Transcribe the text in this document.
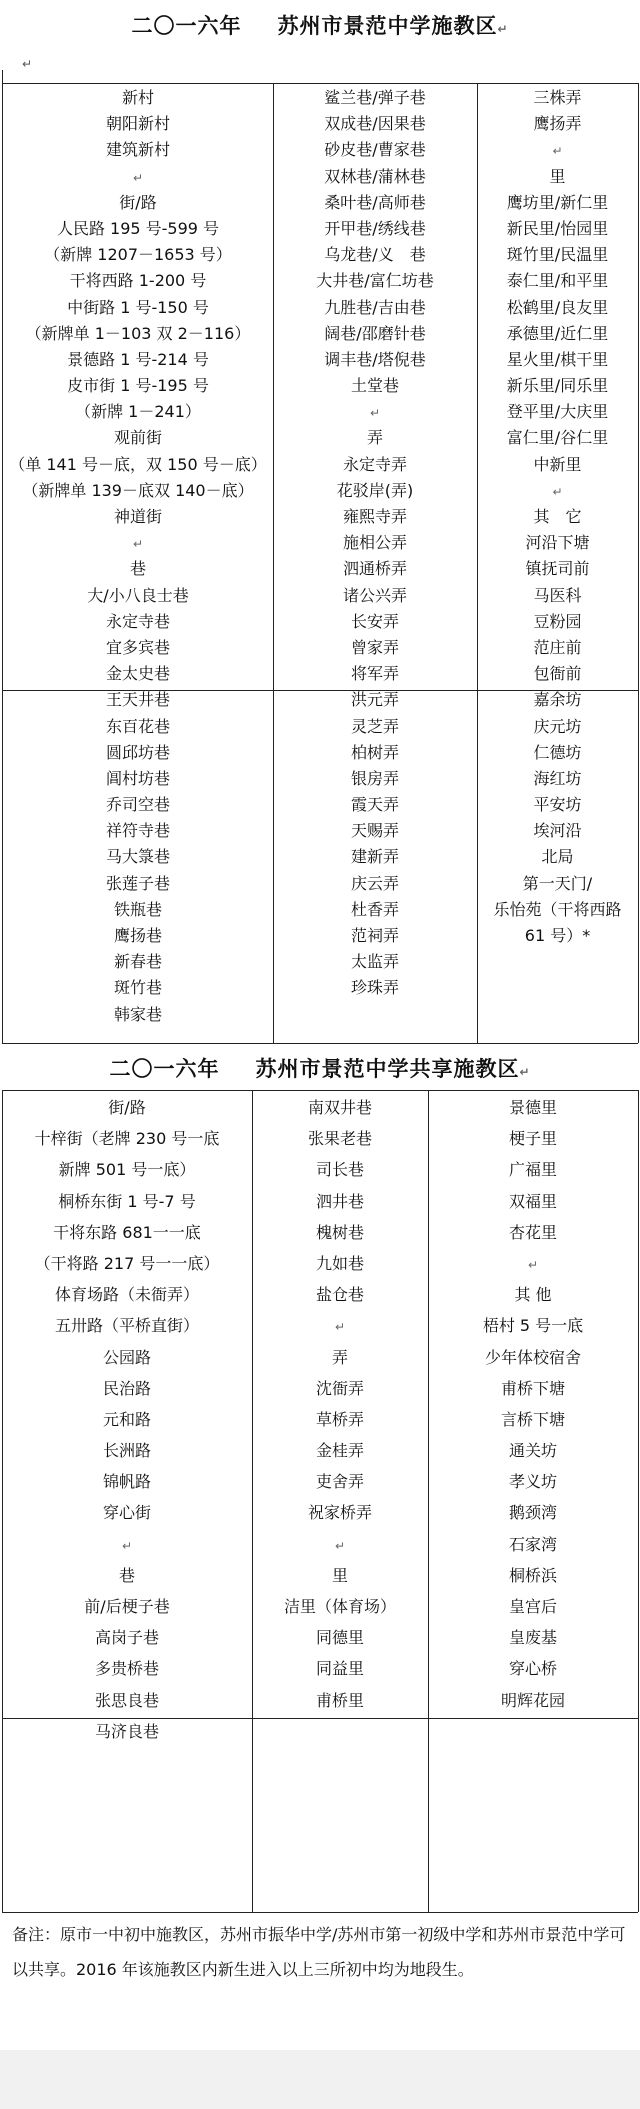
二〇一六年 苏州市景范中学施教区↵
↵
新村
朝阳新村
建筑新村
↵
街/路
人民路 195 号-599 号
（新牌 1207－1653 号）
干将西路 1-200 号
中街路 1 号-150 号
（新牌单 1－103 双 2－116）
景德路 1 号-214 号
皮市街 1 号-195 号
（新牌 1－241）
观前街
（单 141 号－底，双 150 号－底）
（新牌单 139－底双 140－底）
神道街
↵
巷
大/小八良士巷
永定寺巷
宜多宾巷
金太史巷
王天井巷
东百花巷
圆邱坊巷
阊村坊巷
乔司空巷
祥符寺巷
马大箓巷
张莲子巷
铁瓶巷
鹰扬巷
新春巷
斑竹巷
韩家巷
鲨兰巷/弹子巷
双成巷/因果巷
砂皮巷/曹家巷
双林巷/蒲林巷
桑叶巷/高师巷
开甲巷/绣线巷
乌龙巷/义　巷
大井巷/富仁坊巷
九胜巷/吉由巷
阔巷/邵磨针巷
调丰巷/塔倪巷
土堂巷
↵
弄
永定寺弄
花驳岸(弄)
雍熙寺弄
施相公弄
泗通桥弄
诸公兴弄
长安弄
曾家弄
将军弄
洪元弄
灵芝弄
柏树弄
银房弄
霞天弄
天赐弄
建新弄
庆云弄
杜香弄
范祠弄
太监弄
珍珠弄
三株弄
鹰扬弄
↵
里
鹰坊里/新仁里
新民里/怡园里
斑竹里/民温里
泰仁里/和平里
松鹤里/良友里
承德里/近仁里
星火里/棋干里
新乐里/同乐里
登平里/大庆里
富仁里/谷仁里
中新里
↵
其　它
河沿下塘
镇抚司前
马医科
豆粉园
范庄前
包衙前
嘉余坊
庆元坊
仁德坊
海红坊
平安坊
埃河沿
北局
第一天门/
乐怡苑（干将西路
61 号）*
二〇一六年 苏州市景范中学共享施教区↵
街/路
十梓街（老牌 230 号一底
新牌 501 号一底）
桐桥东街 1 号-7 号
干将东路 681一一底
（干将路 217 号一一底）
体育场路（未衙弄）
五卅路（平桥直街）
公园路
民治路
元和路
长洲路
锦帆路
穿心街
↵
巷
前/后梗子巷
高岗子巷
多贵桥巷
张思良巷
马济良巷
南双井巷
张果老巷
司长巷
泗井巷
槐树巷
九如巷
盐仓巷
↵
弄
沈衙弄
草桥弄
金桂弄
吏舍弄
祝家桥弄
↵
里
洁里（体育场）
同德里
同益里
甫桥里
景德里
梗子里
广福里
双福里
杏花里
↵
其 他
梧村 5 号一底
少年体校宿舍
甫桥下塘
言桥下塘
通关坊
孝义坊
鹅颈湾
石家湾
桐桥浜
皇宫后
皇废基
穿心桥
明辉花园
备注：原市一中初中施教区，苏州市振华中学/苏州市第一初级中学和苏州市景范中学可以共享。2016 年该施教区内新生进入以上三所初中均为地段生。
